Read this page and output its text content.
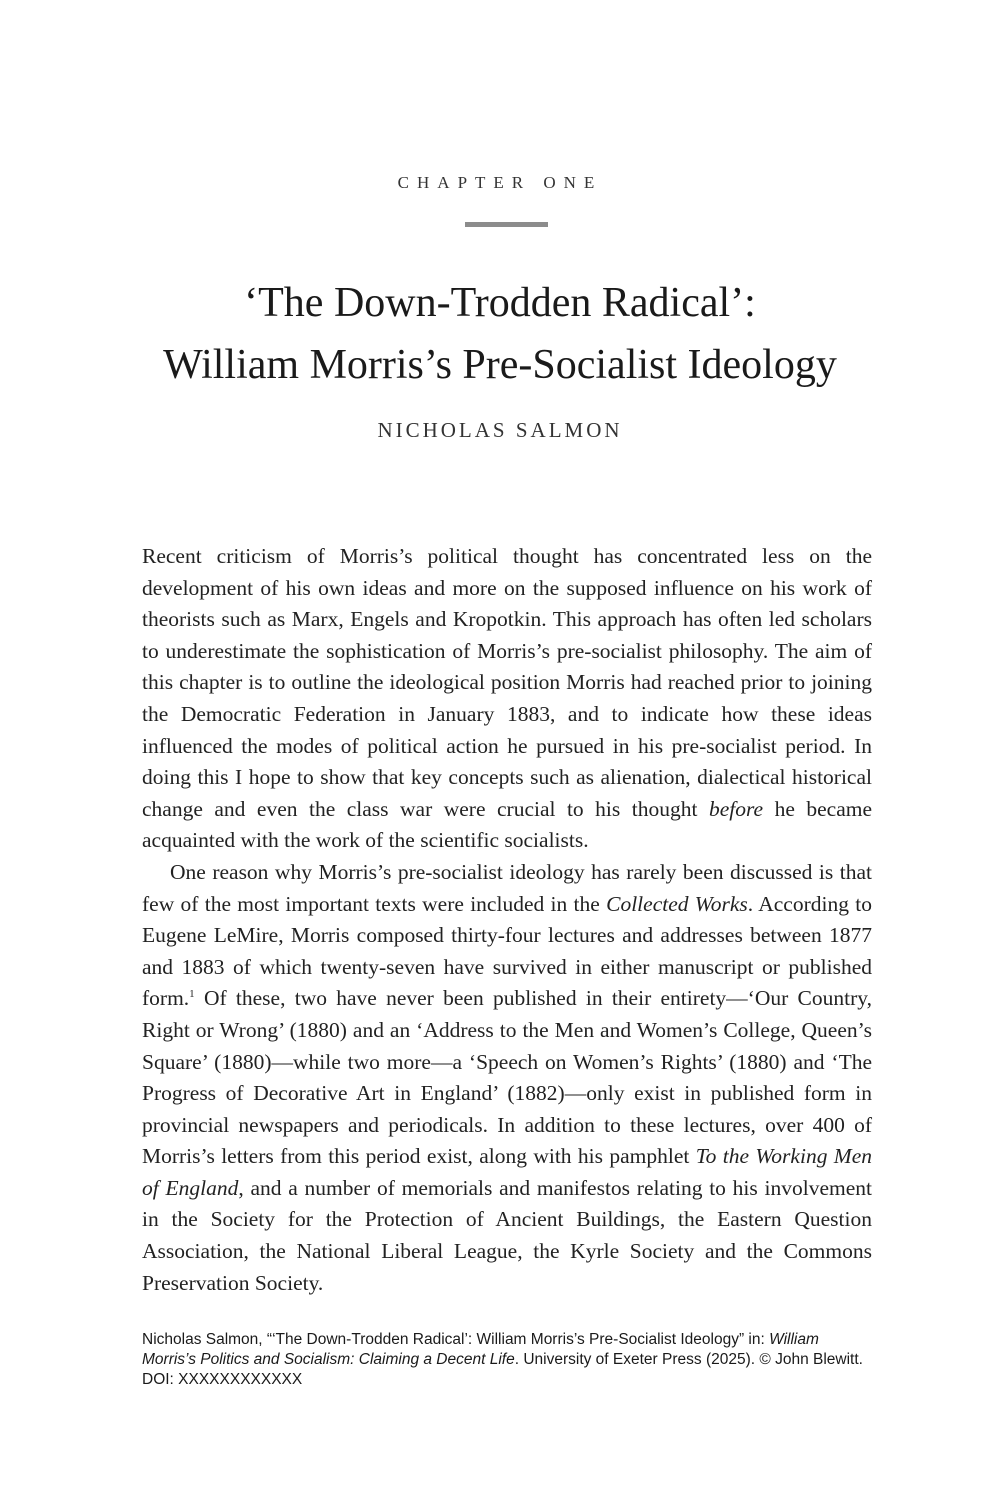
CHAPTER ONE
‘The Down-Trodden Radical’:
William Morris’s Pre-Socialist Ideology
NICHOLAS SALMON

Recent criticism of Morris’s political thought has concentrated less on the development of his own ideas and more on the supposed influence on his work of theorists such as Marx, Engels and Kropotkin. This approach has often led scholars to underestimate the sophistication of Morris’s pre-socialist philosophy. The aim of this chapter is to outline the ideological position Morris had reached prior to joining the Democratic Federation in January 1883, and to indicate how these ideas influenced the modes of political action he pursued in his pre-socialist period. In doing this I hope to show that key concepts such as alienation, dialectical historical change and even the class war were crucial to his thought before he became acquainted with the work of the scientific socialists.

One reason why Morris’s pre-socialist ideology has rarely been discussed is that few of the most important texts were included in the Collected Works. According to Eugene LeMire, Morris composed thirty-four lectures and addresses between 1877 and 1883 of which twenty-seven have survived in either manuscript or published form.$^1$ Of these, two have never been published in their entirety—‘Our Country, Right or Wrong’ (1880) and an ‘Address to the Men and Women’s College, Queen’s Square’ (1880)—while two more—a ‘Speech on Women’s Rights’ (1880) and ‘The Progress of Decorative Art in England’ (1882)—only exist in published form in provincial newspapers and periodicals. In addition to these lectures, over 400 of Morris’s letters from this period exist, along with his pamphlet To the Working Men of England, and a number of memorials and manifestos relating to his involvement in the Society for the Protection of Ancient Buildings, the Eastern Question Association, the National Liberal League, the Kyrle Society and the Commons Preservation Society.

Nicholas Salmon, “‘The Down-Trodden Radical’: William Morris’s Pre-Socialist Ideology” in: William Morris’s Politics and Socialism: Claiming a Decent Life. University of Exeter Press (2025). © John Blewitt.

DOI: XXXXXXXXXXXX
